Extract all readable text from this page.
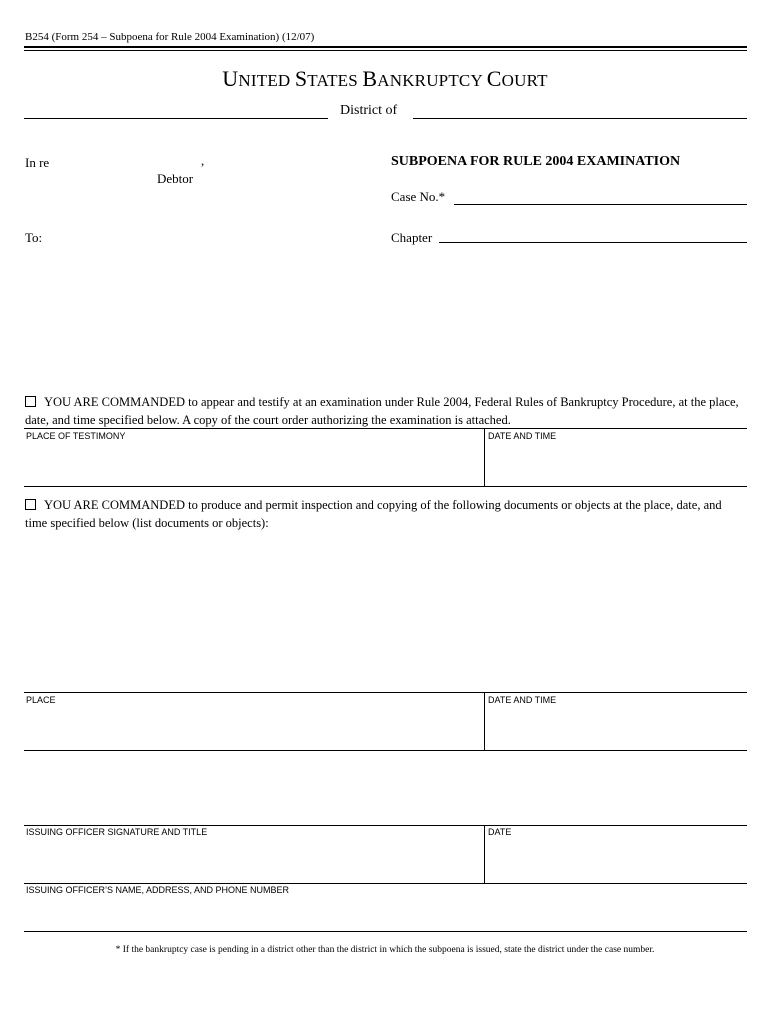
B254 (Form 254 – Subpoena for Rule 2004 Examination) (12/07)
UNITED STATES BANKRUPTCY COURT
District of
In re	,
Debtor
To:
SUBPOENA FOR RULE 2004 EXAMINATION
Case No.*
Chapter
YOU ARE COMMANDED to appear and testify at an examination under Rule 2004, Federal Rules of Bankruptcy Procedure, at the place, date, and time specified below. A copy of the court order authorizing the examination is attached.
PLACE OF TESTIMONY	DATE AND TIME
YOU ARE COMMANDED to produce and permit inspection and copying of the following documents or objects at the place, date, and time specified below (list documents or objects):
PLACE	DATE AND TIME
ISSUING OFFICER SIGNATURE AND TITLE	DATE
ISSUING OFFICER’S NAME, ADDRESS, AND PHONE NUMBER
* If the bankruptcy case is pending in a district other than the district in which the subpoena is issued, state the district under the case number.
